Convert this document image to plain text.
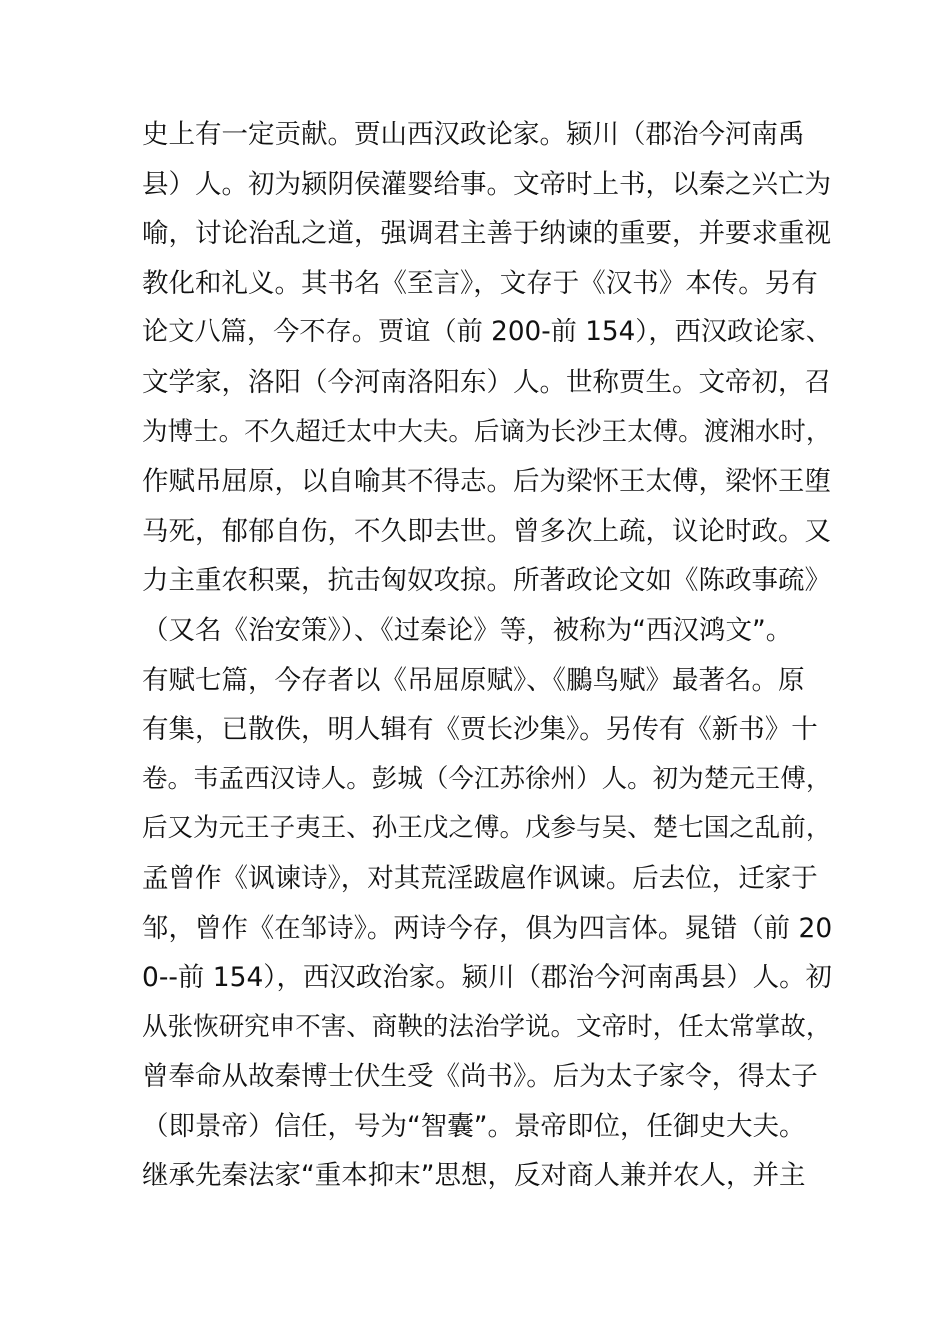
史上有一定贡献。贾山西汉政论家。颍川（郡治今河南禹
县）人。初为颍阴侯灌婴给事。文帝时上书，以秦之兴亡为
喻，讨论治乱之道，强调君主善于纳谏的重要，并要求重视
教化和礼义。其书名《至言》，文存于《汉书》本传。另有
论文八篇，今不存。贾谊（前 200-前 154），西汉政论家、
文学家，洛阳（今河南洛阳东）人。世称贾生。文帝初，召
为博士。不久超迁太中大夫。后谪为长沙王太傅。渡湘水时，
作赋吊屈原，以自喻其不得志。后为梁怀王太傅，梁怀王堕
马死，郁郁自伤，不久即去世。曾多次上疏，议论时政。又
力主重农积粟，抗击匈奴攻掠。所著政论文如《陈政事疏》
（又名《治安策》）、《过秦论》等，被称为“西汉鸿文”。
有赋七篇，今存者以《吊屈原赋》、《鵩鸟赋》最著名。原
有集，已散佚，明人辑有《贾长沙集》。另传有《新书》十
卷。韦孟西汉诗人。彭城（今江苏徐州）人。初为楚元王傅，
后又为元王子夷王、孙王戊之傅。戊参与吴、楚七国之乱前，
孟曾作《讽谏诗》，对其荒淫跋扈作讽谏。后去位，迁家于
邹，曾作《在邹诗》。两诗今存，俱为四言体。晁错（前 20
0--前 154），西汉政治家。颍川（郡治今河南禹县）人。初
从张恢研究申不害、商鞅的法治学说。文帝时，任太常掌故，
曾奉命从故秦博士伏生受《尚书》。后为太子家令，得太子
（即景帝）信任，号为“智囊”。景帝即位，任御史大夫。
继承先秦法家“重本抑末”思想，反对商人兼并农人，并主
